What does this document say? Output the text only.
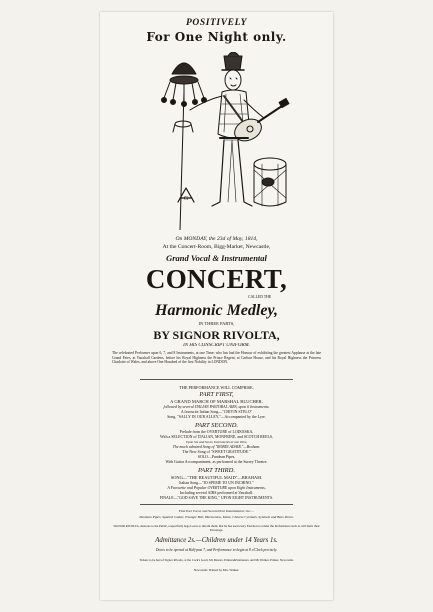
POSITIVELY
For One Night only.
G
On MONDAY, the 23d of May, 1814,
At the Concert-Room, Bigg-Market, Newcastle,
Grand Vocal & Instrumental
CONCERT,
CALLED THE
Harmonic Medley,
IN THREE PARTS,
BY SIGNOR RIVOLTA,
IN HIS CONSCRIPT UNIFORM.
The celebrated Performer upon 6, 7, and 8 Instruments, at one Time; who has had the Honour of exhibiting the greatest Applause at the late Grand Fetes, at Vauxhall Gardens, before his Royal Highness the Prince Regent, at Carlton House, and his Royal Highness the Princess Charlotte of Wales, and above One Hundred of the first Nobility in LONDON.
THE PERFORMANCE WILL COMPRISE,
PART FIRST,
A GRAND MARCH OF MARSHAL BLUCHER,
followed by several ITALIAN PASTORAL AIRS, upon 6 Instruments.
A favourite Italian Song—"CHIVIN STELO"
Song, "SALLY IN OUR ALLEY,"—Accompanied by the Lyre.
PART SECOND.
Prelude from the OVERTURE of LODOISKA,
With a SELECTION of ITALIAN, MONFRINE, and SCOTCH REELS,
Upon Six and Seven Instruments at one Time.
The much admired Song of "ROBIN ADAIR."—Braham.
The New Song of "SWEET GRATITUDE."
SOLO—Pandean Pipes,
With Guitar Accompaniment, as performed at the Surrey Theatre.
PART THIRD.
SONG—"THE BEAUTIFUL MAID"—BRAHAM.
Italian Song—"IO SPEME TO UN INCHINO."
A Favourite and Popular OVERTURE upon Eight Instruments,
Including several AIRS performed at Vauxhall.
FINALE—"GOD SAVE THE KING," UPON EIGHT INSTRUMENTS.
First Part Vocal, and Second Part Instrumental, viz:—
Pandean Pipes, Spanish Guitar, Triangle Bell, Harmonica, Tabor, Chinese Cymbals, Symbals and Bass Drum.
SIGNOR RIVOLTA, desirous to the Public, respectfully begs Leave to inform them, that he has used every Exertion to render the Performance such as will merit their Patronage.
Admittance 2s.—Children under 14 Years 1s.
Doors to be opened at Half-past 7, and Performance to begin at 8 o'Clock precisely.
Tickets to be had of Signor Rivolta, at the Cock's Gosli, Mr Mossrs, Printers&Stationers, and Mr Walker, Printer, Newcastle.
Newcastle: Printed by Mrs. Walker.
